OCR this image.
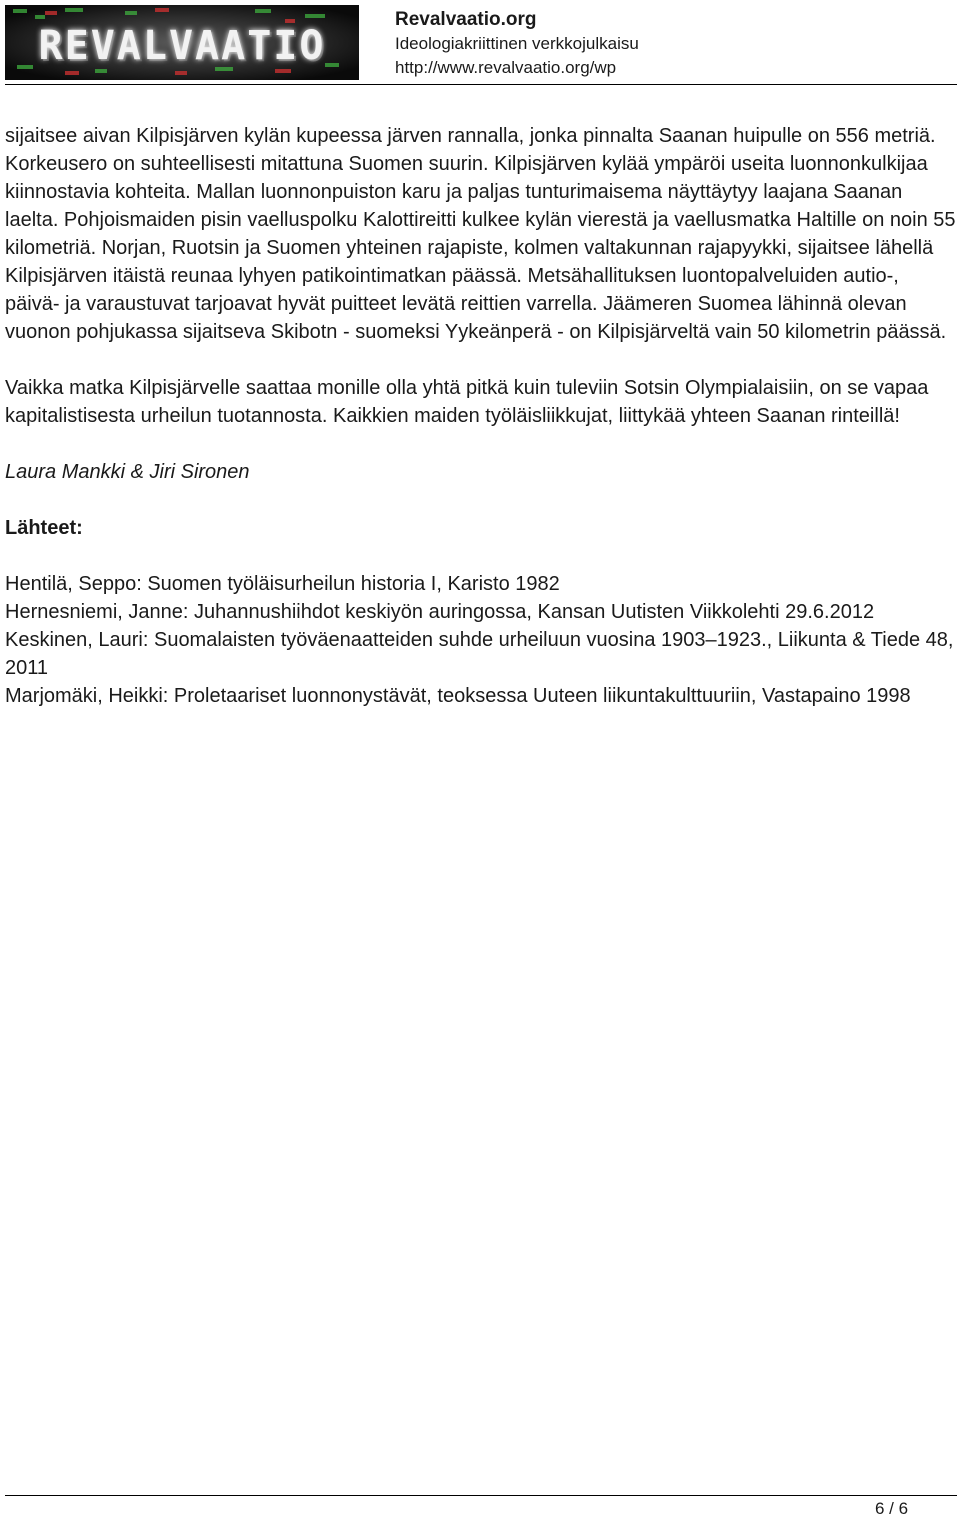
REVALVAATIO
Revalvaatio.org
Ideologiakriittinen verkkojulkaisu
http://www.revalvaatio.org/wp

sijaitsee aivan Kilpisjärven kylän kupeessa järven rannalla, jonka pinnalta Saanan huipulle on 556 metriä. Korkeusero on suhteellisesti mitattuna Suomen suurin. Kilpisjärven kylää ympäröi useita luonnonkulkijaa kiinnostavia kohteita. Mallan luonnonpuiston karu ja paljas tunturimaisema näyttäytyy laajana Saanan laelta. Pohjoismaiden pisin vaelluspolku Kalottireitti kulkee kylän vierestä ja vaellusmatka Haltille on noin 55 kilometriä. Norjan, Ruotsin ja Suomen yhteinen rajapiste, kolmen valtakunnan rajapyykki, sijaitsee lähellä Kilpisjärven itäistä reunaa lyhyen patikointimatkan päässä. Metsähallituksen luontopalveluiden autio-, päivä- ja varaustuvat tarjoavat hyvät puitteet levätä reittien varrella. Jäämeren Suomea lähinnä olevan vuonon pohjukassa sijaitseva Skibotn - suomeksi Yykeänperä - on Kilpisjärveltä vain 50 kilometrin päässä.

Vaikka matka Kilpisjärvelle saattaa monille olla yhtä pitkä kuin tuleviin Sotsin Olympialaisiin, on se vapaa kapitalistisesta urheilun tuotannosta. Kaikkien maiden työläisliikkujat, liittykää yhteen Saanan rinteillä!

Laura Mankki & Jiri Sironen

Lähteet:

Hentilä, Seppo: Suomen työläisurheilun historia I, Karisto 1982

Hernesniemi, Janne: Juhannushiihdot keskiyön auringossa, Kansan Uutisten Viikkolehti 29.6.2012

Keskinen, Lauri: Suomalaisten työväenaatteiden suhde urheiluun vuosina 1903–1923., Liikunta & Tiede 48, 2011

Marjomäki, Heikki: Proletaariset luonnonystävät, teoksessa Uuteen liikuntakulttuuriin, Vastapaino 1998

6 / 6
